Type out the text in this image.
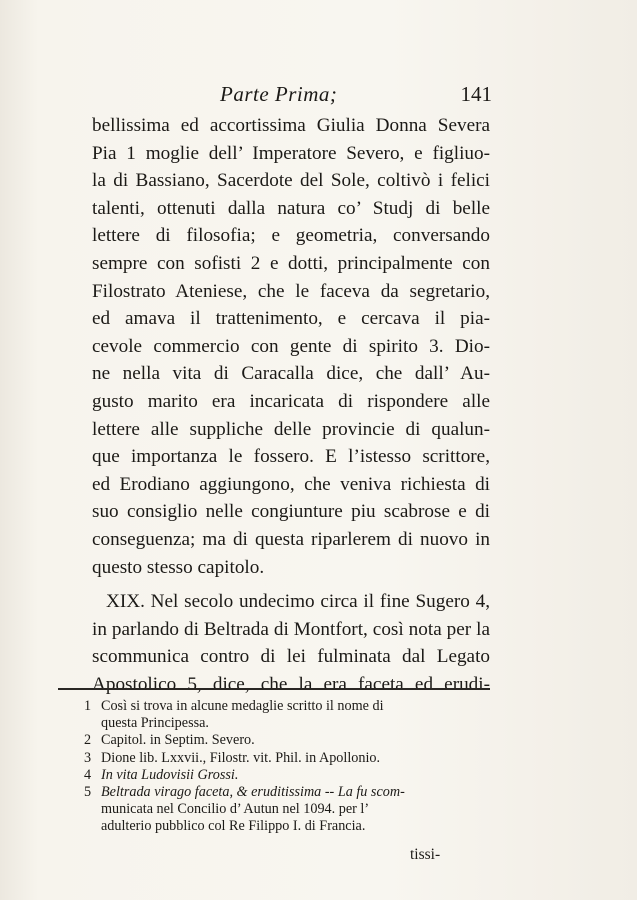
Parte Prima;	141
bellissima ed accortissima Giulia Donna Severa
Pia 1 moglie dell’ Imperatore Severo, e figliuo-
la di Bassiano, Sacerdote del Sole, coltivò i felici
talenti, ottenuti dalla natura co’ Studj di belle
lettere di filosofia; e geometria, conversando
sempre con sofisti 2 e dotti, principalmente con
Filostrato Ateniese, che le faceva da segretario,
ed amava il trattenimento, e cercava il pia-
cevole commercio con gente di spirito 3. Dio-
ne nella vita di Caracalla dice, che dall’ Au-
gusto marito era incaricata di rispondere alle
lettere alle suppliche delle provincie di qualun-
que importanza le fossero. E l’istesso scrittore,
ed Erodiano aggiungono, che veniva richiesta di
suo consiglio nelle congiunture piu scabrose e di
conseguenza; ma di questa riparlerem di nuovo in
questo stesso capitolo.
XIX. Nel secolo undecimo circa il fine Sugero 4,
in parlando di Beltrada di Montfort, così nota per la
scommunica contro di lei fulminata dal Legato
Apostolico 5, dice, che la era faceta ed erudi-
1 Così si trova in alcune medaglie scritto il nome di
questa Principessa.
2 Capitol. in Septim. Severo.
3 Dione lib. Lxxvii., Filostr. vit. Phil. in Apollonio.
4 In vita Ludovisii Grossi.
5 Beltrada virago faceta, & eruditissima -- La fu scom-
municata nel Concilio d’ Autun nel 1094. per l’
adulterio pubblico col Re Filippo I. di Francia.
tissi-
